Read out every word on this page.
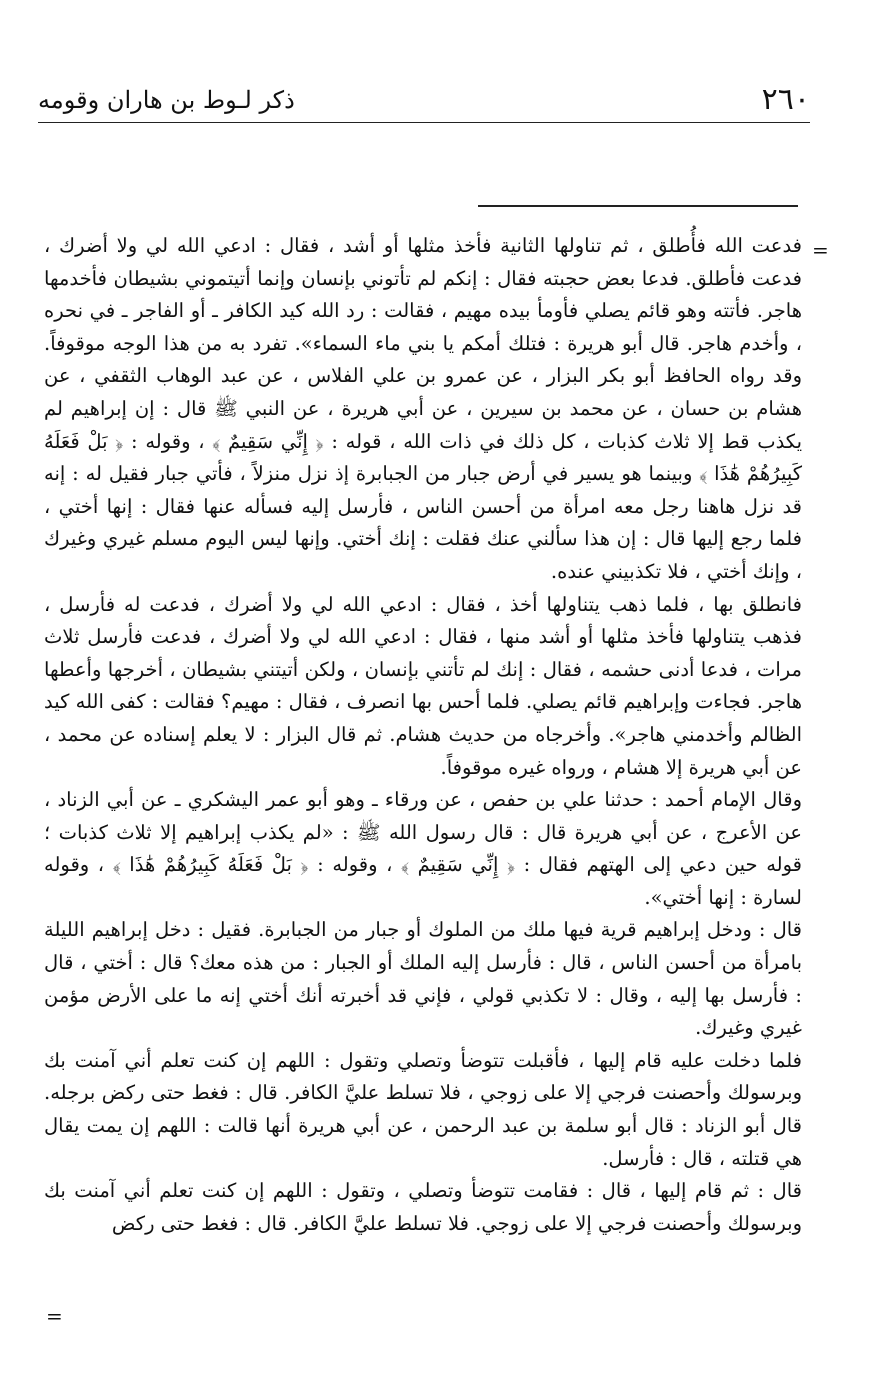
٢٦٠
ذكر لـوط بن هاران وقومه
=

فدعت الله فأُطلق ، ثم تناولها الثانية فأخذ مثلها أو أشد ، فقال : ادعي الله لي ولا أضرك ، فدعت فأطلق. فدعا بعض حجبته فقال : إنكم لم تأتوني بإنسان وإنما أتيتموني بشيطان فأخدمها هاجر. فأتته وهو قائم يصلي فأومأ بيده مهيم ، فقالت : رد الله كيد الكافر ـ أو الفاجر ـ في نحره ، وأخدم هاجر. قال أبو هريرة : فتلك أمكم يا بني ماء السماء». تفرد به من هذا الوجه موقوفاً. وقد رواه الحافظ أبو بكر البزار ، عن عمرو بن علي الفلاس ، عن عبد الوهاب الثقفي ، عن هشام بن حسان ، عن محمد بن سيرين ، عن أبي هريرة ، عن النبي ﷺ قال : إن إبراهيم لم يكذب قط إلا ثلاث كذبات ، كل ذلك في ذات الله ، قوله : ﴿ إِنِّي سَقِيمٌ ﴾ ، وقوله : ﴿ بَلْ فَعَلَهُ كَبِيرُهُمْ هَٰذَا ﴾ وبينما هو يسير في أرض جبار من الجبابرة إذ نزل منزلاً ، فأتي جبار فقيل له : إنه قد نزل هاهنا رجل معه امرأة من أحسن الناس ، فأرسل إليه فسأله عنها فقال : إنها أختي ، فلما رجع إليها قال : إن هذا سألني عنك فقلت : إنك أختي. وإنها ليس اليوم مسلم غيري وغيرك ، وإنك أختي ، فلا تكذبيني عنده.

فانطلق بها ، فلما ذهب يتناولها أخذ ، فقال : ادعي الله لي ولا أضرك ، فدعت له فأرسل ، فذهب يتناولها فأخذ مثلها أو أشد منها ، فقال : ادعي الله لي ولا أضرك ، فدعت فأرسل ثلاث مرات ، فدعا أدنى حشمه ، فقال : إنك لم تأتني بإنسان ، ولكن أتيتني بشيطان ، أخرجها وأعطها هاجر. فجاءت وإبراهيم قائم يصلي. فلما أحس بها انصرف ، فقال : مهيم؟ فقالت : كفى الله كيد الظالم وأخدمني هاجر». وأخرجاه من حديث هشام. ثم قال البزار : لا يعلم إسناده عن محمد ، عن أبي هريرة إلا هشام ، ورواه غيره موقوفاً.

وقال الإمام أحمد : حدثنا علي بن حفص ، عن ورقاء ـ وهو أبو عمر اليشكري ـ عن أبي الزناد ، عن الأعرج ، عن أبي هريرة قال : قال رسول الله ﷺ : «لم يكذب إبراهيم إلا ثلاث كذبات ؛ قوله حين دعي إلى الهتهم فقال : ﴿ إِنِّي سَقِيمٌ ﴾ ، وقوله : ﴿ بَلْ فَعَلَهُ كَبِيرُهُمْ هَٰذَا ﴾ ، وقوله لسارة : إنها أختي».

قال : ودخل إبراهيم قرية فيها ملك من الملوك أو جبار من الجبابرة. فقيل : دخل إبراهيم الليلة بامرأة من أحسن الناس ، قال : فأرسل إليه الملك أو الجبار : من هذه معك؟ قال : أختي ، قال : فأرسل بها إليه ، وقال : لا تكذبي قولي ، فإني قد أخبرته أنك أختي إنه ما على الأرض مؤمن غيري وغيرك.

فلما دخلت عليه قام إليها ، فأقبلت تتوضأ وتصلي وتقول : اللهم إن كنت تعلم أني آمنت بك وبرسولك وأحصنت فرجي إلا على زوجي ، فلا تسلط عليَّ الكافر. قال : فغط حتى ركض برجله. قال أبو الزناد : قال أبو سلمة بن عبد الرحمن ، عن أبي هريرة أنها قالت : اللهم إن يمت يقال هي قتلته ، قال : فأرسل.

قال : ثم قام إليها ، قال : فقامت تتوضأ وتصلي ، وتقول : اللهم إن كنت تعلم أني آمنت بك وبرسولك وأحصنت فرجي إلا على زوجي. فلا تسلط عليَّ الكافر. قال : فغط حتى ركض

=
